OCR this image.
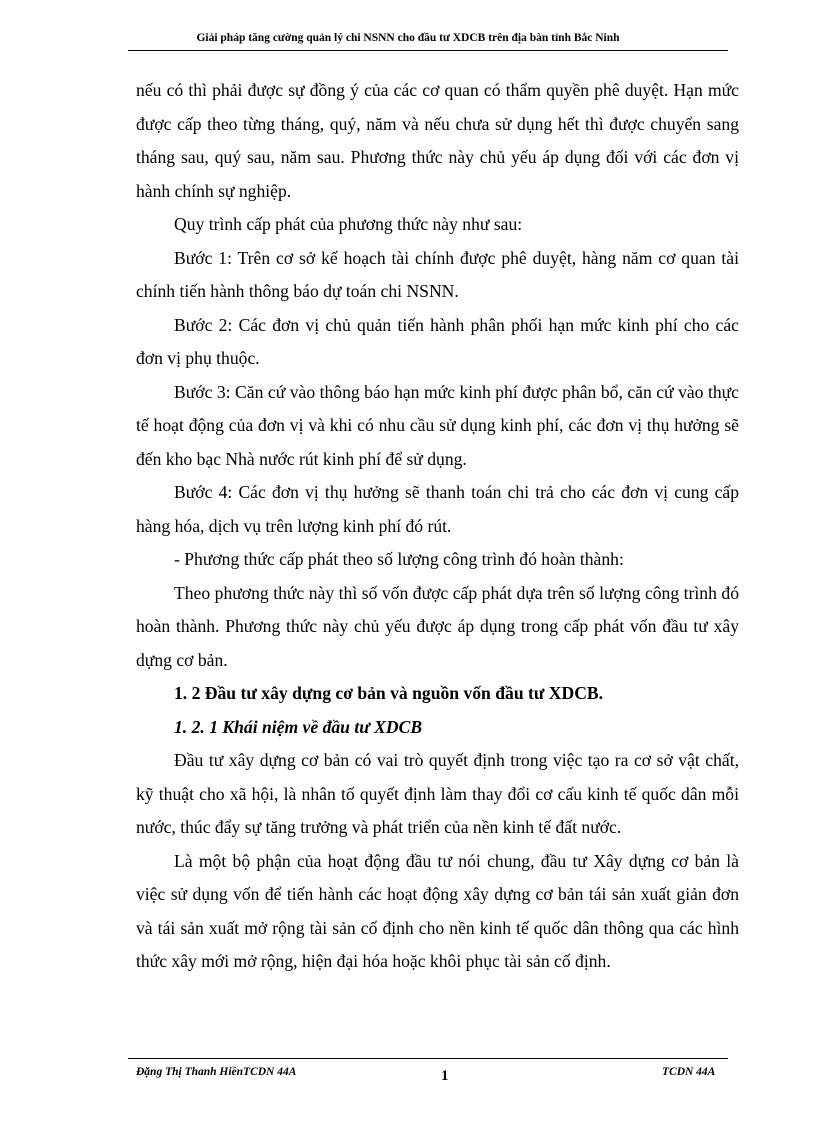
Giải pháp tăng cường quản lý chi NSNN cho đầu tư XDCB trên địa bàn tỉnh Bắc Ninh

nếu có thì phải được sự đồng ý của các cơ quan có thẩm quyền phê duyệt. Hạn mức được cấp theo từng tháng, quý, năm và nếu chưa sử dụng hết thì được chuyển sang tháng sau, quý sau, năm sau. Phương thức này chủ yếu áp dụng đối với các đơn vị hành chính sự nghiệp.

Quy trình cấp phát của phương thức này như sau:

Bước 1: Trên cơ sở kế hoạch tài chính được phê duyệt, hàng năm cơ quan tài chính tiến hành thông báo dự toán chi NSNN.

Bước 2: Các đơn vị chủ quản tiến hành phân phối hạn mức kinh phí cho các đơn vị phụ thuộc.

Bước 3: Căn cứ vào thông báo hạn mức kinh phí được phân bổ, căn cứ vào thực tế hoạt động của đơn vị và khi có nhu cầu sử dụng kinh phí, các đơn vị thụ hưởng sẽ đến kho bạc Nhà nước rút kinh phí để sử dụng.

Bước 4: Các đơn vị thụ hưởng sẽ thanh toán chi trả cho các đơn vị cung cấp hàng hóa, dịch vụ trên lượng kinh phí đó rút.

- Phương thức cấp phát theo số lượng công trình đó hoàn thành:

Theo phương thức này thì số vốn được cấp phát dựa trên số lượng công trình đó hoàn thành. Phương thức này chủ yếu được áp dụng trong cấp phát vốn đầu tư xây dựng cơ bản.

1. 2 Đầu tư xây dựng cơ bản và nguồn vốn đầu tư XDCB.

1. 2. 1 Khái niệm về đầu tư XDCB

Đầu tư xây dựng cơ bản có vai trò quyết định trong việc tạo ra cơ sở vật chất, kỹ thuật cho xã hội, là nhân tố quyết định làm thay đổi cơ cấu kinh tế quốc dân mỗi nước, thúc đẩy sự tăng trưởng và phát triển của nền kinh tế đất nước.

Là một bộ phận của hoạt động đầu tư nói chung, đầu tư Xây dựng cơ bản là việc sử dụng vốn để tiến hành các hoạt động xây dựng cơ bản tái sản xuất giản đơn và tái sản xuất mở rộng tài sản cố định cho nền kinh tế quốc dân thông qua các hình thức xây mới mở rộng, hiện đại hóa hoặc khôi phục tài sản cố định.

Đặng Thị Thanh HiềnTCDN 44A	1	TCDN 44A
